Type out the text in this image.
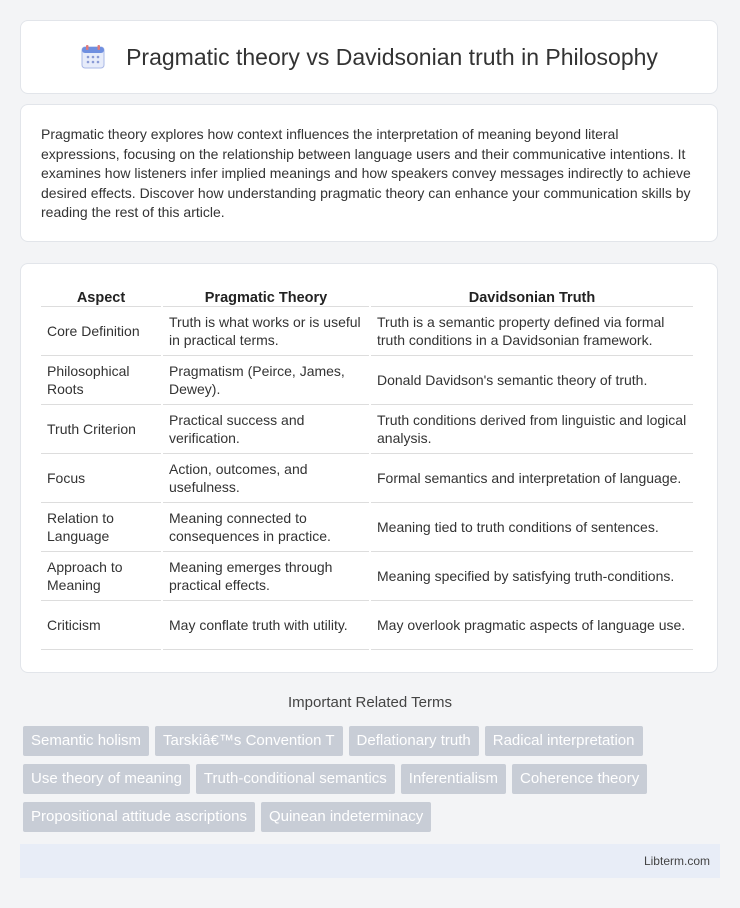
Pragmatic theory vs Davidsonian truth in Philosophy

Pragmatic theory explores how context influences the interpretation of meaning beyond literal expressions, focusing on the relationship between language users and their communicative intentions. It examines how listeners infer implied meanings and how speakers convey messages indirectly to achieve desired effects. Discover how understanding pragmatic theory can enhance your communication skills by reading the rest of this article.

Aspect	Pragmatic Theory	Davidsonian Truth
Core Definition	Truth is what works or is useful in practical terms.	Truth is a semantic property defined via formal truth conditions in a Davidsonian framework.
Philosophical Roots	Pragmatism (Peirce, James, Dewey).	Donald Davidson's semantic theory of truth.
Truth Criterion	Practical success and verification.	Truth conditions derived from linguistic and logical analysis.
Focus	Action, outcomes, and usefulness.	Formal semantics and interpretation of language.
Relation to Language	Meaning connected to consequences in practice.	Meaning tied to truth conditions of sentences.
Approach to Meaning	Meaning emerges through practical effects.	Meaning specified by satisfying truth-conditions.
Criticism	May conflate truth with utility.	May overlook pragmatic aspects of language use.
Important Related Terms
Semantic holism	Tarskiâ€™s Convention T	Deflationary truth	Radical interpretation
Use theory of meaning	Truth-conditional semantics	Inferentialism	Coherence theory
Propositional attitude ascriptions	Quinean indeterminacy
Libterm.com
